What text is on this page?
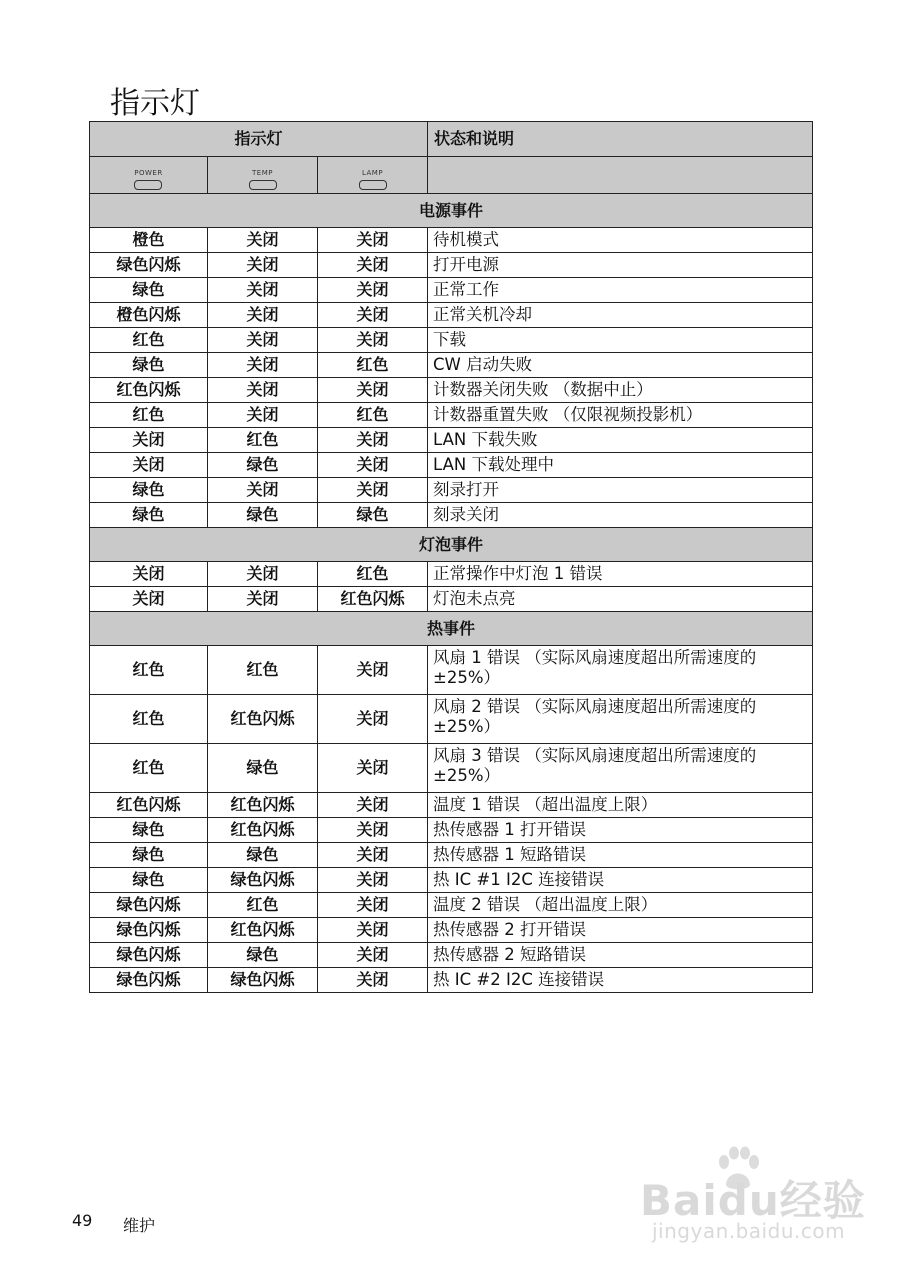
指示灯
指示灯			状态和说明

POWER	TEMP	LAMP	

电源事件			
橙色	关闭	关闭	待机模式
绿色闪烁	关闭	关闭	打开电源
绿色	关闭	关闭	正常工作
橙色闪烁	关闭	关闭	正常关机冷却
红色	关闭	关闭	下载
绿色	关闭	红色	CW 启动失败
红色闪烁	关闭	关闭	计数器关闭失败 （数据中止）
红色	关闭	红色	计数器重置失败 （仅限视频投影机）
关闭	红色	关闭	LAN 下载失败
关闭	绿色	关闭	LAN 下载处理中
绿色	关闭	关闭	刻录打开
绿色	绿色	绿色	刻录关闭
灯泡事件			
关闭	关闭	红色	正常操作中灯泡 1 错误
关闭	关闭	红色闪烁	灯泡未点亮
热事件			
红色	红色	关闭	风扇 1 错误 （实际风扇速度超出所需速度的 ±25%）
红色	红色闪烁	关闭	风扇 2 错误 （实际风扇速度超出所需速度的 ±25%）
红色	绿色	关闭	风扇 3 错误 （实际风扇速度超出所需速度的 ±25%）
红色闪烁	红色闪烁	关闭	温度 1 错误 （超出温度上限）
绿色	红色闪烁	关闭	热传感器 1 打开错误
绿色	绿色	关闭	热传感器 1 短路错误
绿色	绿色闪烁	关闭	热 IC #1 I2C 连接错误
绿色闪烁	红色	关闭	温度 2 错误 （超出温度上限）
绿色闪烁	红色闪烁	关闭	热传感器 2 打开错误
绿色闪烁	绿色	关闭	热传感器 2 短路错误
绿色闪烁	绿色闪烁	关闭	热 IC #2 I2C 连接错误
49 维护
Baidu经验
jingyan.baidu.com
